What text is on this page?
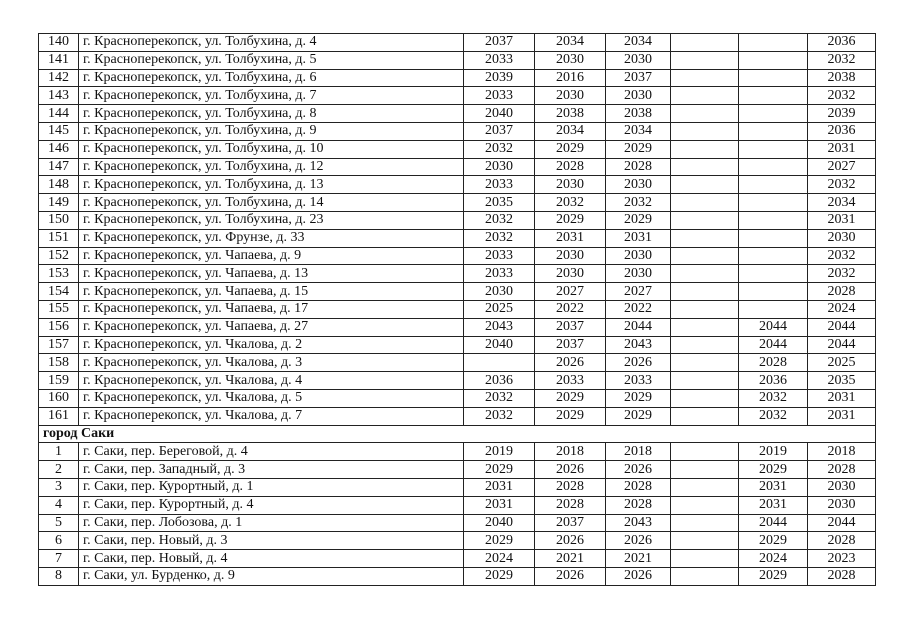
140	г. Красноперекопск, ул. Толбухина, д. 4	2037	2034	2034			2036
141	г. Красноперекопск, ул. Толбухина, д. 5	2033	2030	2030			2032
142	г. Красноперекопск, ул. Толбухина, д. 6	2039	2016	2037			2038
143	г. Красноперекопск, ул. Толбухина, д. 7	2033	2030	2030			2032
144	г. Красноперекопск, ул. Толбухина, д. 8	2040	2038	2038			2039
145	г. Красноперекопск, ул. Толбухина, д. 9	2037	2034	2034			2036
146	г. Красноперекопск, ул. Толбухина, д. 10	2032	2029	2029			2031
147	г. Красноперекопск, ул. Толбухина, д. 12	2030	2028	2028			2027
148	г. Красноперекопск, ул. Толбухина, д. 13	2033	2030	2030			2032
149	г. Красноперекопск, ул. Толбухина, д. 14	2035	2032	2032			2034
150	г. Красноперекопск, ул. Толбухина, д. 23	2032	2029	2029			2031
151	г. Красноперекопск, ул. Фрунзе, д. 33	2032	2031	2031			2030
152	г. Красноперекопск, ул. Чапаева, д. 9	2033	2030	2030			2032
153	г. Красноперекопск, ул. Чапаева, д. 13	2033	2030	2030			2032
154	г. Красноперекопск, ул. Чапаева, д. 15	2030	2027	2027			2028
155	г. Красноперекопск, ул. Чапаева, д. 17	2025	2022	2022			2024
156	г. Красноперекопск, ул. Чапаева, д. 27	2043	2037	2044		2044	2044
157	г. Красноперекопск, ул. Чкалова, д. 2	2040	2037	2043		2044	2044
158	г. Красноперекопск, ул. Чкалова, д. 3		2026	2026		2028	2025
159	г. Красноперекопск, ул. Чкалова, д. 4	2036	2033	2033		2036	2035
160	г. Красноперекопск, ул. Чкалова, д. 5	2032	2029	2029		2032	2031
161	г. Красноперекопск, ул. Чкалова, д. 7	2032	2029	2029		2032	2031
город Саки							
1	г. Саки, пер. Береговой, д. 4	2019	2018	2018		2019	2018
2	г. Саки, пер. Западный, д. 3	2029	2026	2026		2029	2028
3	г. Саки, пер. Курортный, д. 1	2031	2028	2028		2031	2030
4	г. Саки, пер. Курортный, д. 4	2031	2028	2028		2031	2030
5	г. Саки, пер. Лобозова, д. 1	2040	2037	2043		2044	2044
6	г. Саки, пер. Новый, д. 3	2029	2026	2026		2029	2028
7	г. Саки, пер. Новый, д. 4	2024	2021	2021		2024	2023
8	г. Саки, ул. Бурденко, д. 9	2029	2026	2026		2029	2028
